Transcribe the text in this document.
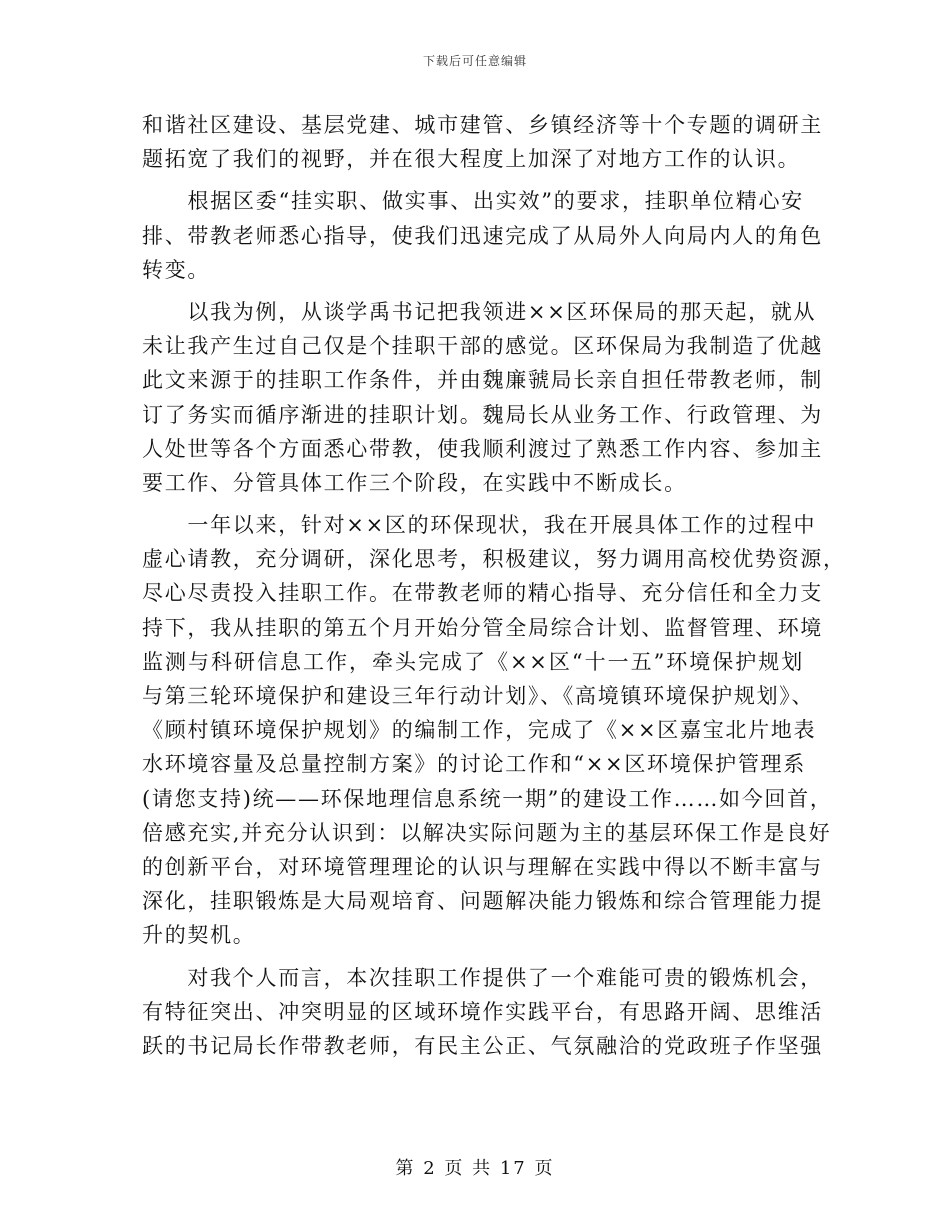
下载后可任意编辑
和谐社区建设、基层党建、城市建管、乡镇经济等十个专题的调研主
题拓宽了我们的视野，并在很大程度上加深了对地方工作的认识。
　　根据区委“挂实职、做实事、出实效”的要求，挂职单位精心安
排、带教老师悉心指导，使我们迅速完成了从局外人向局内人的角色
转变。
　　以我为例，从谈学禹书记把我领进××区环保局的那天起，就从
未让我产生过自己仅是个挂职干部的感觉。区环保局为我制造了优越
此文来源于的挂职工作条件，并由魏廉虢局长亲自担任带教老师，制
订了务实而循序渐进的挂职计划。魏局长从业务工作、行政管理、为
人处世等各个方面悉心带教，使我顺利渡过了熟悉工作内容、参加主
要工作、分管具体工作三个阶段，在实践中不断成长。
　　一年以来，针对××区的环保现状，我在开展具体工作的过程中
虚心请教，充分调研，深化思考，积极建议，努力调用高校优势资源，
尽心尽责投入挂职工作。在带教老师的精心指导、充分信任和全力支
持下，我从挂职的第五个月开始分管全局综合计划、监督管理、环境
监测与科研信息工作，牵头完成了《××区“十一五”环境保护规划
与第三轮环境保护和建设三年行动计划》、《高境镇环境保护规划》、
《顾村镇环境保护规划》的编制工作，完成了《××区嘉宝北片地表
水环境容量及总量控制方案》的讨论工作和“××区环境保护管理系
(请您支持)统——环保地理信息系统一期”的建设工作……如今回首，
倍感充实,并充分认识到：以解决实际问题为主的基层环保工作是良好
的创新平台，对环境管理理论的认识与理解在实践中得以不断丰富与
深化，挂职锻炼是大局观培育、问题解决能力锻炼和综合管理能力提
升的契机。
　　对我个人而言，本次挂职工作提供了一个难能可贵的锻炼机会，
有特征突出、冲突明显的区域环境作实践平台，有思路开阔、思维活
跃的书记局长作带教老师，有民主公正、气氛融洽的党政班子作坚强
第 2 页 共 17 页
